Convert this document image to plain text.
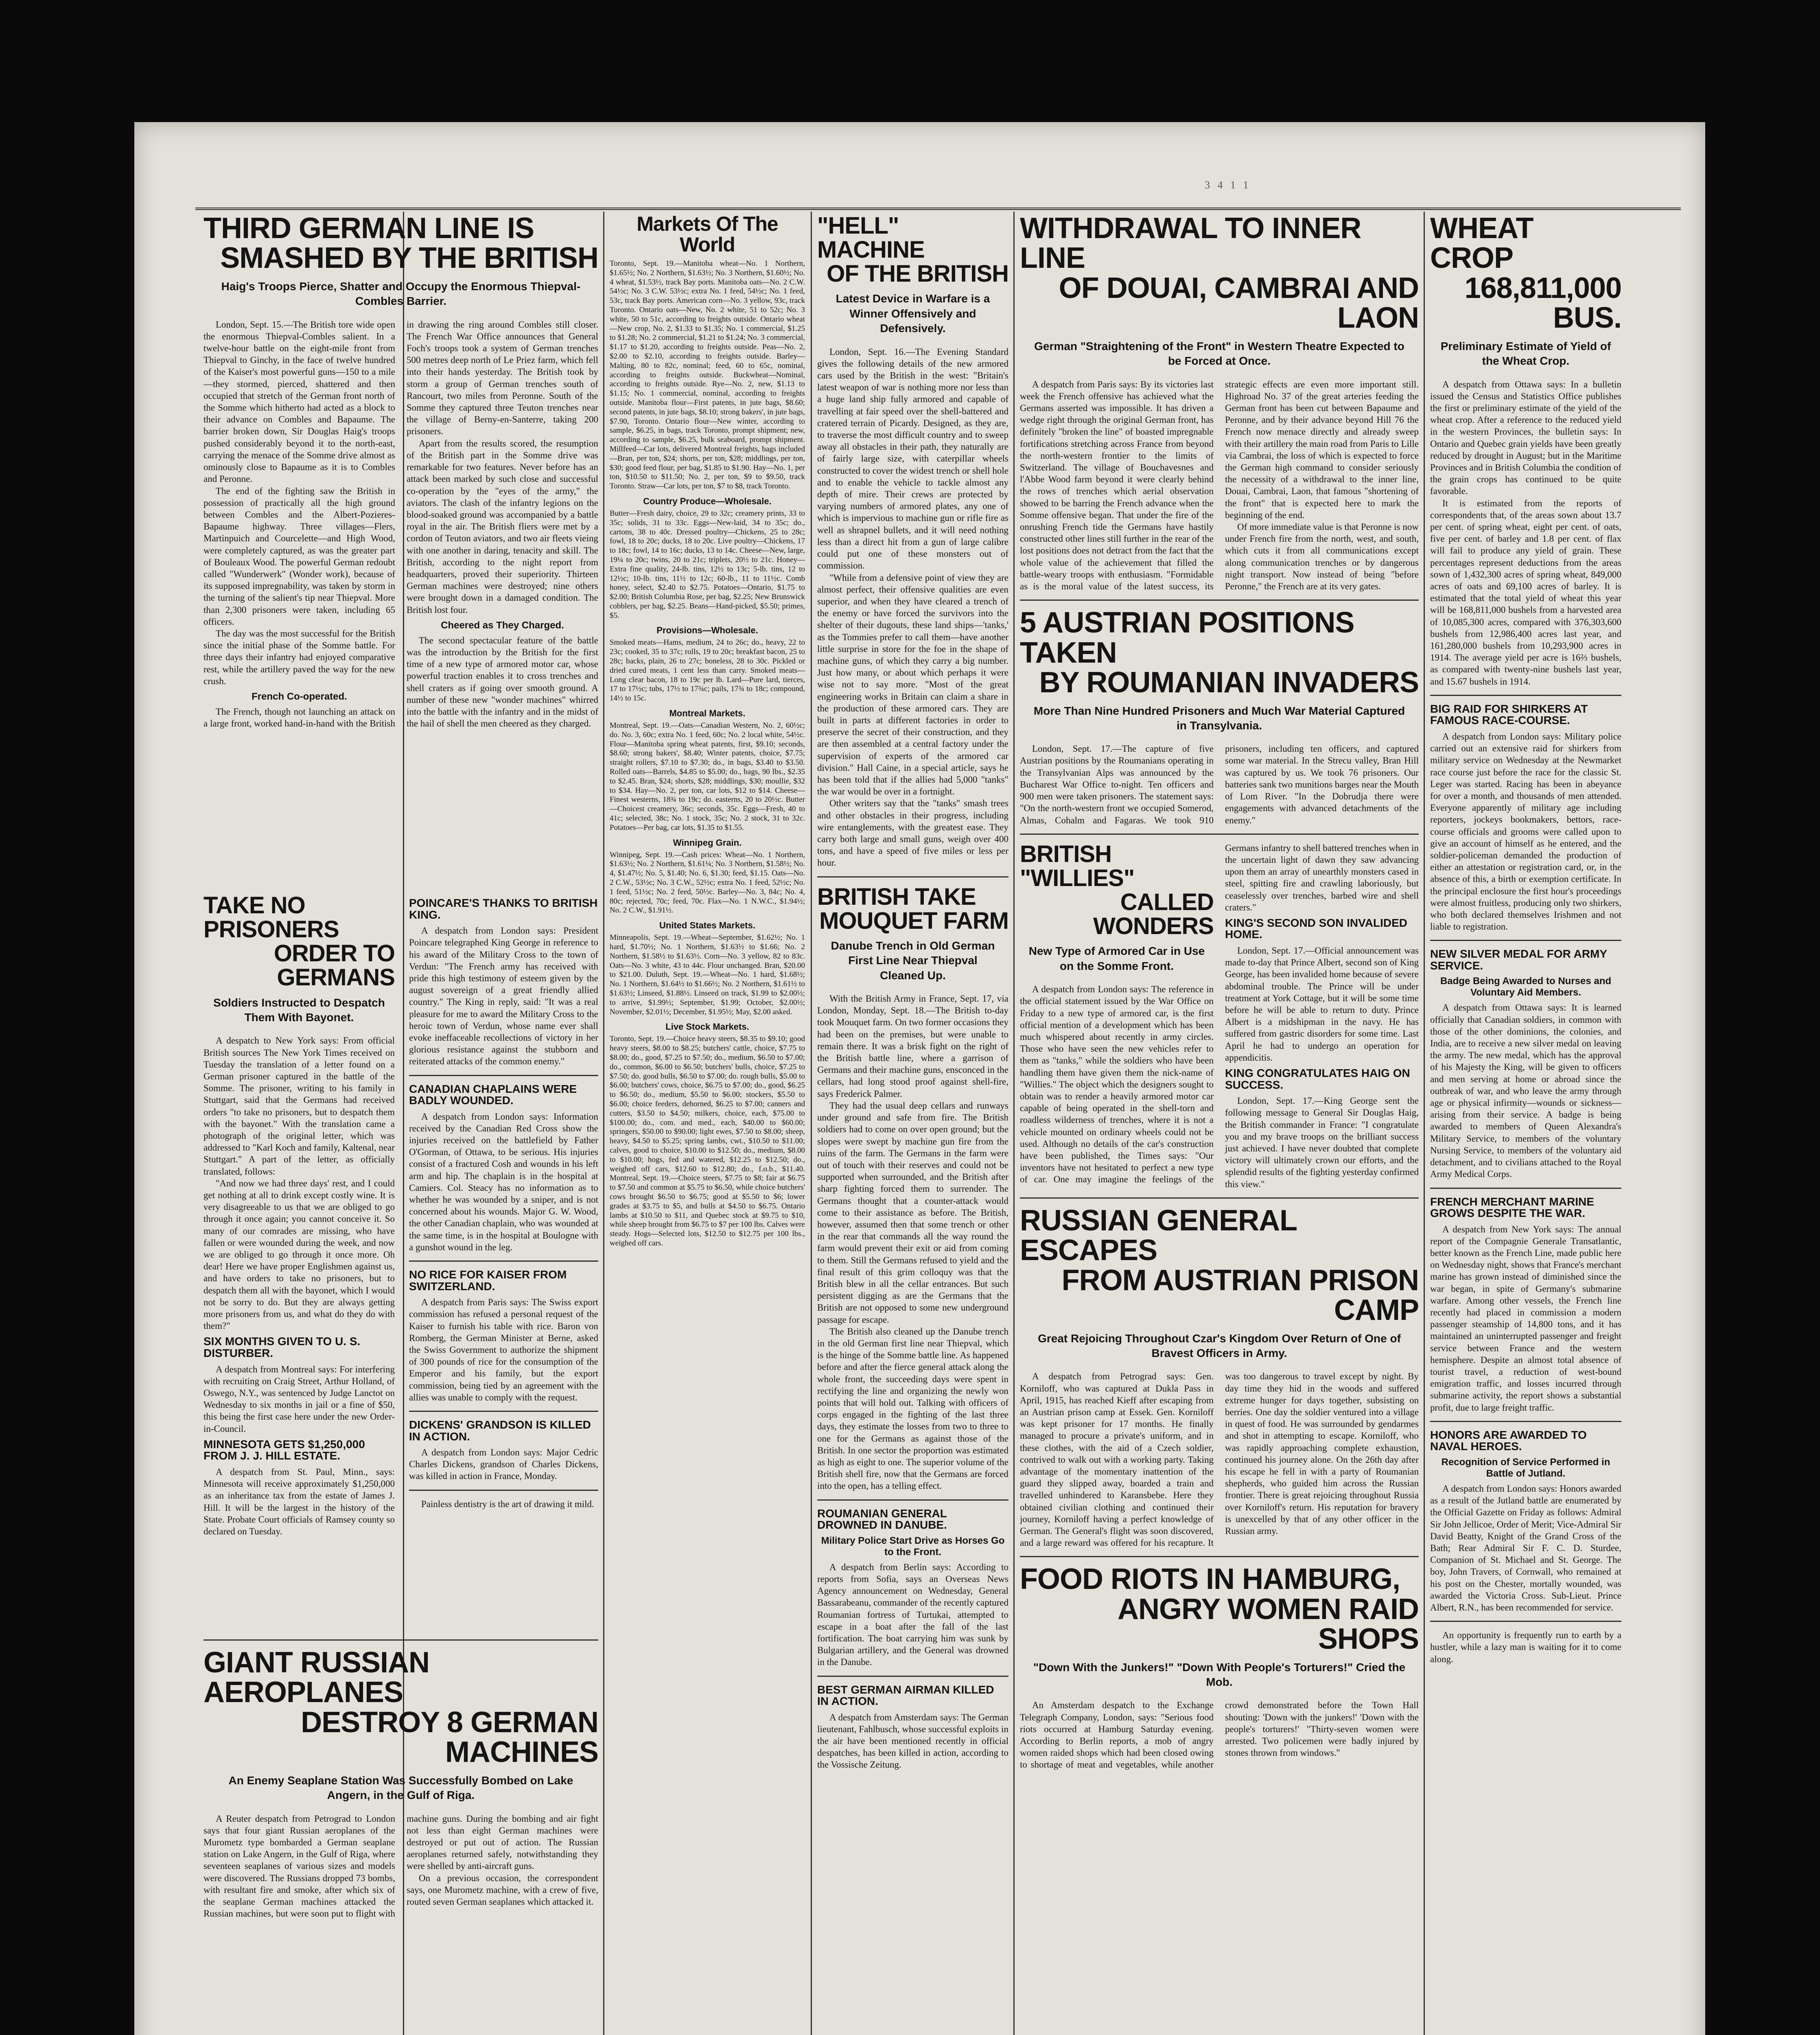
3 4 1 1
THIRD GERMAN LINE IS
SMASHED BY THE BRITISH
Haig's Troops Pierce, Shatter and Occupy the Enormous Thiepval-Combles Barrier.

London, Sept. 15.—The British tore wide open the enormous Thiepval-Combles salient. In a twelve-hour battle on the eight-mile front from Thiepval to Ginchy, in the face of twelve hundred of the Kaiser's most powerful guns—150 to a mile—they stormed, pierced, shattered and then occupied that stretch of the German front north of the Somme which hitherto had acted as a block to their advance on Combles and Bapaume. The barrier broken down, Sir Douglas Haig's troops pushed considerably beyond it to the north-east, carrying the menace of the Somme drive almost as ominously close to Bapaume as it is to Combles and Peronne.

The end of the fighting saw the British in possession of practically all the high ground between Combles and the Albert-Pozieres-Bapaume highway. Three villages—Flers, Martinpuich and Courcelette—and High Wood, were completely captured, as was the greater part of Bouleaux Wood. The powerful German redoubt called "Wunderwerk" (Wonder work), because of its supposed impregnability, was taken by storm in the turning of the salient's tip near Thiepval. More than 2,300 prisoners were taken, including 65 officers.

The day was the most successful for the British since the initial phase of the Somme battle. For three days their infantry had enjoyed comparative rest, while the artillery paved the way for the new crush.

French Co-operated.

The French, though not launching an attack on a large front, worked hand-in-hand with the British in drawing the ring around Combles still closer. The French War Office announces that General Foch's troops took a system of German trenches 500 metres deep north of Le Priez farm, which fell into their hands yesterday. The British took by storm a group of German trenches south of Rancourt, two miles from Peronne. South of the Somme they captured three Teuton trenches near the village of Berny-en-Santerre, taking 200 prisoners.

Apart from the results scored, the resumption of the British part in the Somme drive was remarkable for two features. Never before has an attack been marked by such close and successful co-operation by the "eyes of the army," the aviators. The clash of the infantry legions on the blood-soaked ground was accompanied by a battle royal in the air. The British fliers were met by a cordon of Teuton aviators, and two air fleets vieing with one another in daring, tenacity and skill. The British, according to the night report from headquarters, proved their superiority. Thirteen German machines were destroyed; nine others were brought down in a damaged condition. The British lost four.

Cheered as They Charged.

The second spectacular feature of the battle was the introduction by the British for the first time of a new type of armored motor car, whose powerful traction enables it to cross trenches and shell craters as if going over smooth ground. A number of these new "wonder machines" whirred into the battle with the infantry and in the midst of the hail of shell the men cheered as they charged.

TAKE NO PRISONERS
ORDER TO GERMANS
Soldiers Instructed to Despatch Them With Bayonet.

A despatch to New York says: From official British sources The New York Times received on Tuesday the translation of a letter found on a German prisoner captured in the battle of the Somme. The prisoner, writing to his family in Stuttgart, said that the Germans had received orders "to take no prisoners, but to despatch them with the bayonet." With the translation came a photograph of the original letter, which was addressed to "Karl Koch and family, Kaltenal, near Stuttgart." A part of the letter, as officially translated, follows:

"And now we had three days' rest, and I could get nothing at all to drink except costly wine. It is very disagreeable to us that we are obliged to go through it once again; you cannot conceive it. So many of our comrades are missing, who have fallen or were wounded during the week, and now we are obliged to go through it once more. Oh dear! Here we have proper Englishmen against us, and have orders to take no prisoners, but to despatch them all with the bayonet, which I would not be sorry to do. But they are always getting more prisoners from us, and what do they do with them?"

SIX MONTHS GIVEN TO U. S. DISTURBER.

A despatch from Montreal says: For interfering with recruiting on Craig Street, Arthur Holland, of Oswego, N.Y., was sentenced by Judge Lanctot on Wednesday to six months in jail or a fine of $50, this being the first case here under the new Order-in-Council.

MINNESOTA GETS $1,250,000 FROM J. J. HILL ESTATE.

A despatch from St. Paul, Minn., says: Minnesota will receive approximately $1,250,000 as an inheritance tax from the estate of James J. Hill. It will be the largest in the history of the State. Probate Court officials of Ramsey county so declared on Tuesday.

GIANT RUSSIAN AEROPLANES
DESTROY 8 GERMAN MACHINES
An Enemy Seaplane Station Was Successfully Bombed on Lake Angern, in the Gulf of Riga.

A Reuter despatch from Petrograd to London says that four giant Russian aeroplanes of the Murometz type bombarded a German seaplane station on Lake Angern, in the Gulf of Riga, where seventeen seaplanes of various sizes and models were discovered. The Russians dropped 73 bombs, with resultant fire and smoke, after which six of the seaplane German machines attacked the Russian machines, but were soon put to flight with machine guns. During the bombing and air fight not less than eight German machines were destroyed or put out of action. The Russian aeroplanes returned safely, notwithstanding they were shelled by anti-aircraft guns.

On a previous occasion, the correspondent says, one Murometz machine, with a crew of five, routed seven German seaplanes which attacked it.

POINCARE'S THANKS TO BRITISH KING.

A despatch from London says: President Poincare telegraphed King George in reference to his award of the Military Cross to the town of Verdun: "The French army has received with pride this high testimony of esteem given by the august sovereign of a great friendly allied country." The King in reply, said: "It was a real pleasure for me to award the Military Cross to the heroic town of Verdun, whose name ever shall evoke ineffaceable recollections of victory in her glorious resistance against the stubborn and reiterated attacks of the common enemy."

CANADIAN CHAPLAINS WERE BADLY WOUNDED.

A despatch from London says: Information received by the Canadian Red Cross show the injuries received on the battlefield by Father O'Gorman, of Ottawa, to be serious. His injuries consist of a fractured Cosh and wounds in his left arm and hip. The chaplain is in the hospital at Camiers. Col. Steacy has no information as to whether he was wounded by a sniper, and is not concerned about his wounds. Major G. W. Wood, the other Canadian chaplain, who was wounded at the same time, is in the hospital at Boulogne with a gunshot wound in the leg.

NO RICE FOR KAISER FROM SWITZERLAND.

A despatch from Paris says: The Swiss export commission has refused a personal request of the Kaiser to furnish his table with rice. Baron von Romberg, the German Minister at Berne, asked the Swiss Government to authorize the shipment of 300 pounds of rice for the consumption of the Emperor and his family, but the export commission, being tied by an agreement with the allies was unable to comply with the request.

DICKENS' GRANDSON IS KILLED IN ACTION.

A despatch from London says: Major Cedric Charles Dickens, grandson of Charles Dickens, was killed in action in France, Monday.

Painless dentistry is the art of drawing it mild.

Markets Of The World

Toronto, Sept. 19.—Manitoba wheat—No. 1 Northern, $1.65½; No. 2 Northern, $1.63½; No. 3 Northern, $1.60½; No. 4 wheat, $1.53½, track Bay ports. Manitoba oats—No. 2 C.W. 54½c; No. 3 C.W. 53½c; extra No. 1 feed, 54½c; No. 1 feed, 53c, track Bay ports. American corn—No. 3 yellow, 93c, track Toronto. Ontario oats—New, No. 2 white, 51 to 52c; No. 3 white, 50 to 51c, according to freights outside. Ontario wheat—New crop, No. 2, $1.33 to $1.35; No. 1 commercial, $1.25 to $1.28; No. 2 commercial, $1.21 to $1.24; No. 3 commercial, $1.17 to $1.20, according to freights outside. Peas—No. 2, $2.00 to $2.10, according to freights outside. Barley—Malting, 80 to 82c, nominal; feed, 60 to 65c, nominal, according to freights outside. Buckwheat—Nominal, according to freights outside. Rye—No. 2, new, $1.13 to $1.15; No. 1 commercial, nominal, according to freights outside. Manitoba flour—First patents, in jute bags, $8.60; second patents, in jute bags, $8.10; strong bakers', in jute bags, $7.90, Toronto. Ontario flour—New winter, according to sample, $6.25, in bags, track Toronto, prompt shipment; new, according to sample, $6.25, bulk seaboard, prompt shipment. Millfeed—Car lots, delivered Montreal freights, bags included—Bran, per ton, $24; shorts, per ton, $28; middlings, per ton, $30; good feed flour, per bag, $1.85 to $1.90. Hay—No. 1, per ton, $10.50 to $11.50; No. 2, per ton, $9 to $9.50, track Toronto. Straw—Car lots, per ton, $7 to $8, track Toronto.

Country Produce—Wholesale.

Butter—Fresh dairy, choice, 29 to 32c; creamery prints, 33 to 35c; solids, 31 to 33c. Eggs—New-laid, 34 to 35c; do., cartons, 38 to 40c. Dressed poultry—Chickens, 25 to 28c; fowl, 18 to 20c; ducks, 18 to 20c. Live poultry—Chickens, 17 to 18c; fowl, 14 to 16c; ducks, 13 to 14c. Cheese—New, large, 19¼ to 20c; twins, 20 to 21c; triplets, 20½ to 21c. Honey—Extra fine quality, 24-lb. tins, 12½ to 13c; 5-lb. tins, 12 to 12½c; 10-lb. tins, 11½ to 12c; 60-lb., 11 to 11½c. Comb honey, select, $2.40 to $2.75. Potatoes—Ontario, $1.75 to $2.00; British Columbia Rose, per bag, $2.25; New Brunswick cobblers, per bag, $2.25. Beans—Hand-picked, $5.50; primes, $5.

Provisions—Wholesale.

Smoked meats—Hams, medium, 24 to 26c; do., heavy, 22 to 23c; cooked, 35 to 37c; rolls, 19 to 20c; breakfast bacon, 25 to 28c; backs, plain, 26 to 27c; boneless, 28 to 30c. Pickled or dried cured meats, 1 cent less than carry. Smoked meats—Long clear bacon, 18 to 19c per lb. Lard—Pure lard, tierces, 17 to 17½c; tubs, 17½ to 17¾c; pails, 17¾ to 18c; compound, 14½ to 15c.

Montreal Markets.

Montreal, Sept. 19.—Oats—Canadian Western, No. 2, 60½c; do. No. 3, 60c; extra No. 1 feed, 60c; No. 2 local white, 54½c. Flour—Manitoba spring wheat patents, first, $9.10; seconds, $8.60; strong bakers', $8.40; Winter patents, choice, $7.75; straight rollers, $7.10 to $7.30; do., in bags, $3.40 to $3.50. Rolled oats—Barrels, $4.85 to $5.00; do., bags, 90 lbs., $2.35 to $2.45. Bran, $24; shorts, $28; middlings, $30; moullie, $32 to $34. Hay—No. 2, per ton, car lots, $12 to $14. Cheese—Finest westerns, 18¾ to 19c; do. easterns, 20 to 20½c. Butter—Choicest creamery, 36c; seconds, 35c. Eggs—Fresh, 40 to 41c; selected, 38c; No. 1 stock, 35c; No. 2 stock, 31 to 32c. Potatoes—Per bag, car lots, $1.35 to $1.55.

Winnipeg Grain.

Winnipeg, Sept. 19.—Cash prices: Wheat—No. 1 Northern, $1.63½; No. 2 Northern, $1.61¼; No. 3 Northern, $1.58½; No. 4, $1.47½; No. 5, $1.40; No. 6, $1.30; feed, $1.15. Oats—No. 2 C.W., 53½c; No. 3 C.W., 52½c; extra No. 1 feed, 52½c; No. 1 feed, 51½c; No. 2 feed, 50½c. Barley—No. 3, 84c; No. 4, 80c; rejected, 70c; feed, 70c. Flax—No. 1 N.W.C., $1.94½; No. 2 C.W., $1.91½.

United States Markets.

Minneapolis, Sept. 19.—Wheat—September, $1.62½; No. 1 hard, $1.70½; No. 1 Northern, $1.63½ to $1.66; No. 2 Northern, $1.58½ to $1.63½. Corn—No. 3 yellow, 82 to 83c. Oats—No. 3 white, 43 to 44c. Flour unchanged. Bran, $20.00 to $21.00. Duluth, Sept. 19.—Wheat—No. 1 hard, $1.68½; No. 1 Northern, $1.64½ to $1.66½; No. 2 Northern, $1.61½ to $1.63½; Linseed, $1.88½. Linseed on track, $1.99 to $2.00½; to arrive, $1.99½; September, $1.99; October, $2.00½; November, $2.01½; December, $1.95½; May, $2.00 asked.

Live Stock Markets.

Toronto, Sept. 19.—Choice heavy steers, $8.35 to $9.10; good heavy steers, $8.00 to $8.25; butchers' cattle, choice, $7.75 to $8.00; do., good, $7.25 to $7.50; do., medium, $6.50 to $7.00; do., common, $6.00 to $6.50; butchers' bulls, choice, $7.25 to $7.50; do. good bulls, $6.50 to $7.00; do. rough bulls, $5.00 to $6.00; butchers' cows, choice, $6.75 to $7.00; do., good, $6.25 to $6.50; do., medium, $5.50 to $6.00; stockers, $5.50 to $6.00; choice feeders, dehorned, $6.25 to $7.00; canners and cutters, $3.50 to $4.50; milkers, choice, each, $75.00 to $100.00; do., com. and med., each, $40.00 to $60.00; springers, $50.00 to $90.00; light ewes, $7.50 to $8.00; sheep, heavy, $4.50 to $5.25; spring lambs, cwt., $10.50 to $11.00; calves, good to choice, $10.00 to $12.50; do., medium, $8.00 to $10.00; hogs, fed and watered, $12.25 to $12.50; do., weighed off cars, $12.60 to $12.80; do., f.o.b., $11.40. Montreal, Sept. 19.—Choice steers, $7.75 to $8; fair at $6.75 to $7.50 and common at $5.75 to $6.50, while choice butchers' cows brought $6.50 to $6.75; good at $5.50 to $6; lower grades at $3.75 to $5, and bulls at $4.50 to $6.75. Ontario lambs at $10.50 to $11, and Quebec stock at $9.75 to $10, while sheep brought from $6.75 to $7 per 100 lbs. Calves were steady. Hogs—Selected lots, $12.50 to $12.75 per 100 lbs., weighed off cars.

"HELL" MACHINE
OF THE BRITISH
Latest Device in Warfare is a Winner Offensively and Defensively.

London, Sept. 16.—The Evening Standard gives the following details of the new armored cars used by the British in the west: "Britain's latest weapon of war is nothing more nor less than a huge land ship fully armored and capable of travelling at fair speed over the shell-battered and cratered terrain of Picardy. Designed, as they are, to traverse the most difficult country and to sweep away all obstacles in their path, they naturally are of fairly large size, with caterpillar wheels constructed to cover the widest trench or shell hole and to enable the vehicle to tackle almost any depth of mire. Their crews are protected by varying numbers of armored plates, any one of which is impervious to machine gun or rifle fire as well as shrapnel bullets, and it will need nothing less than a direct hit from a gun of large calibre could put one of these monsters out of commission.

"While from a defensive point of view they are almost perfect, their offensive qualities are even superior, and when they have cleared a trench of the enemy or have forced the survivors into the shelter of their dugouts, these land ships—'tanks,' as the Tommies prefer to call them—have another little surprise in store for the foe in the shape of machine guns, of which they carry a big number. Just how many, or about which perhaps it were wise not to say more. "Most of the great engineering works in Britain can claim a share in the production of these armored cars. They are built in parts at different factories in order to preserve the secret of their construction, and they are then assembled at a central factory under the supervision of experts of the armored car division." Hall Caine, in a special article, says he has been told that if the allies had 5,000 "tanks" the war would be over in a fortnight.

Other writers say that the "tanks" smash trees and other obstacles in their progress, including wire entanglements, with the greatest ease. They carry both large and small guns, weigh over 400 tons, and have a speed of five miles or less per hour.

BRITISH TAKE
MOUQUET FARM
Danube Trench in Old German First Line Near Thiepval Cleaned Up.

With the British Army in France, Sept. 17, via London, Monday, Sept. 18.—The British to-day took Mouquet farm. On two former occasions they had been on the premises, but were unable to remain there. It was a brisk fight on the right of the British battle line, where a garrison of Germans and their machine guns, ensconced in the cellars, had long stood proof against shell-fire, says Frederick Palmer.

They had the usual deep cellars and runways under ground and safe from fire. The British soldiers had to come on over open ground; but the slopes were swept by machine gun fire from the ruins of the farm. The Germans in the farm were out of touch with their reserves and could not be supported when surrounded, and the British after sharp fighting forced them to surrender. The Germans thought that a counter-attack would come to their assistance as before. The British, however, assumed then that some trench or other in the rear that commands all the way round the farm would prevent their exit or aid from coming to them. Still the Germans refused to yield and the final result of this grim colloquy was that the British blew in all the cellar entrances. But such persistent digging as are the Germans that the British are not opposed to some new underground passage for escape.

The British also cleaned up the Danube trench in the old German first line near Thiepval, which is the hinge of the Somme battle line. As happened before and after the fierce general attack along the whole front, the succeeding days were spent in rectifying the line and organizing the newly won points that will hold out. Talking with officers of corps engaged in the fighting of the last three days, they estimate the losses from two to three to one for the Germans as against those of the British. In one sector the proportion was estimated as high as eight to one. The superior volume of the British shell fire, now that the Germans are forced into the open, has a telling effect.

ROUMANIAN GENERAL DROWNED IN DANUBE.
Military Police Start Drive as Horses Go to the Front.

A despatch from Berlin says: According to reports from Sofia, says an Overseas News Agency announcement on Wednesday, General Bassarabeanu, commander of the recently captured Roumanian fortress of Turtukai, attempted to escape in a boat after the fall of the last fortification. The boat carrying him was sunk by Bulgarian artillery, and the General was drowned in the Danube.

BEST GERMAN AIRMAN KILLED IN ACTION.

A despatch from Amsterdam says: The German lieutenant, Fahlbusch, whose successful exploits in the air have been mentioned recently in official despatches, has been killed in action, according to the Vossische Zeitung.

WITHDRAWAL TO INNER LINE
OF DOUAI, CAMBRAI AND LAON
German "Straightening of the Front" in Western Theatre Expected to be Forced at Once.

A despatch from Paris says: By its victories last week the French offensive has achieved what the Germans asserted was impossible. It has driven a wedge right through the original German front, has definitely "broken the line" of boasted impregnable fortifications stretching across France from beyond the north-western frontier to the limits of Switzerland. The village of Bouchavesnes and l'Abbe Wood farm beyond it were clearly behind the rows of trenches which aerial observation showed to be barring the French advance when the Somme offensive began. That under the fire of the onrushing French tide the Germans have hastily constructed other lines still further in the rear of the lost positions does not detract from the fact that the whole value of the achievement that filled the battle-weary troops with enthusiasm. "Formidable as is the moral value of the latest success, its strategic effects are even more important still. Highroad No. 37 of the great arteries feeding the German front has been cut between Bapaume and Peronne, and by their advance beyond Hill 76 the French now menace directly and already sweep with their artillery the main road from Paris to Lille via Cambrai, the loss of which is expected to force the German high command to consider seriously the necessity of a withdrawal to the inner line, Douai, Cambrai, Laon, that famous "shortening of the front" that is expected here to mark the beginning of the end.

Of more immediate value is that Peronne is now under French fire from the north, west, and south, which cuts it from all communications except along communication trenches or by dangerous night transport. Now instead of being "before Peronne," the French are at its very gates.

5 AUSTRIAN POSITIONS TAKEN
BY ROUMANIAN INVADERS
More Than Nine Hundred Prisoners and Much War Material Captured in Transylvania.

London, Sept. 17.—The capture of five Austrian positions by the Roumanians operating in the Transylvanian Alps was announced by the Bucharest War Office to-night. Ten officers and 900 men were taken prisoners. The statement says: "On the north-western front we occupied Somerod, Almas, Cohalm and Fagaras. We took 910 prisoners, including ten officers, and captured some war material. In the Strecu valley, Bran Hill was captured by us. We took 76 prisoners. Our batteries sank two munitions barges near the Mouth of Lom River. "In the Dobrudja there were engagements with advanced detachments of the enemy."

BRITISH "WILLIES"
CALLED WONDERS
New Type of Armored Car in Use on the Somme Front.

A despatch from London says: The reference in the official statement issued by the War Office on Friday to a new type of armored car, is the first official mention of a development which has been much whispered about recently in army circles. Those who have seen the new vehicles refer to them as "tanks," while the soldiers who have been handling them have given them the nick-name of "Willies." The object which the designers sought to obtain was to render a heavily armored motor car capable of being operated in the shell-torn and roadless wilderness of trenches, where it is not a vehicle mounted on ordinary wheels could not be used. Although no details of the car's construction have been published, the Times says: "Our inventors have not hesitated to perfect a new type of car. One may imagine the feelings of the Germans infantry to shell battered trenches when in the uncertain light of dawn they saw advancing upon them an array of unearthly monsters cased in steel, spitting fire and crawling laboriously, but ceaselessly over trenches, barbed wire and shell craters."

KING'S SECOND SON INVALIDED HOME.

London, Sept. 17.—Official announcement was made to-day that Prince Albert, second son of King George, has been invalided home because of severe abdominal trouble. The Prince will be under treatment at York Cottage, but it will be some time before he will be able to return to duty. Prince Albert is a midshipman in the navy. He has suffered from gastric disorders for some time. Last April he had to undergo an operation for appendicitis.

KING CONGRATULATES HAIG ON SUCCESS.

London, Sept. 17.—King George sent the following message to General Sir Douglas Haig, the British commander in France: "I congratulate you and my brave troops on the brilliant success just achieved. I have never doubted that complete victory will ultimately crown our efforts, and the splendid results of the fighting yesterday confirmed this view."

RUSSIAN GENERAL ESCAPES
FROM AUSTRIAN PRISON CAMP
Great Rejoicing Throughout Czar's Kingdom Over Return of One of Bravest Officers in Army.

A despatch from Petrograd says: Gen. Korniloff, who was captured at Dukla Pass in April, 1915, has reached Kieff after escaping from an Austrian prison camp at Essek. Gen. Korniloff was kept prisoner for 17 months. He finally managed to procure a private's uniform, and in these clothes, with the aid of a Czech soldier, contrived to walk out with a working party. Taking advantage of the momentary inattention of the guard they slipped away, boarded a train and travelled unhindered to Karansbebe. Here they obtained civilian clothing and continued their journey, Korniloff having a perfect knowledge of German. The General's flight was soon discovered, and a large reward was offered for his recapture. It was too dangerous to travel except by night. By day time they hid in the woods and suffered extreme hunger for days together, subsisting on berries. One day the soldier ventured into a village in quest of food. He was surrounded by gendarmes and shot in attempting to escape. Korniloff, who was rapidly approaching complete exhaustion, continued his journey alone. On the 26th day after his escape he fell in with a party of Roumanian shepherds, who guided him across the Russian frontier. There is great rejoicing throughout Russia over Korniloff's return. His reputation for bravery is unexcelled by that of any other officer in the Russian army.

FOOD RIOTS IN HAMBURG,
ANGRY WOMEN RAID SHOPS
"Down With the Junkers!" "Down With People's Torturers!" Cried the Mob.

An Amsterdam despatch to the Exchange Telegraph Company, London, says: "Serious food riots occurred at Hamburg Saturday evening. According to Berlin reports, a mob of angry women raided shops which had been closed owing to shortage of meat and vegetables, while another crowd demonstrated before the Town Hall shouting: 'Down with the junkers!' 'Down with the people's torturers!' "Thirty-seven women were arrested. Two policemen were badly injured by stones thrown from windows."

WHEAT CROP
168,811,000 BUS.
Preliminary Estimate of Yield of the Wheat Crop.

A despatch from Ottawa says: In a bulletin issued the Census and Statistics Office publishes the first or preliminary estimate of the yield of the wheat crop. After a reference to the reduced yield in the western Provinces, the bulletin says: In Ontario and Quebec grain yields have been greatly reduced by drought in August; but in the Maritime Provinces and in British Columbia the condition of the grain crops has continued to be quite favorable.

It is estimated from the reports of correspondents that, of the areas sown about 13.7 per cent. of spring wheat, eight per cent. of oats, five per cent. of barley and 1.8 per cent. of flax will fail to produce any yield of grain. These percentages represent deductions from the areas sown of 1,432,300 acres of spring wheat, 849,000 acres of oats and 69,100 acres of barley. It is estimated that the total yield of wheat this year will be 168,811,000 bushels from a harvested area of 10,085,300 acres, compared with 376,303,600 bushels from 12,986,400 acres last year, and 161,280,000 bushels from 10,293,900 acres in 1914. The average yield per acre is 16⅔ bushels, as compared with twenty-nine bushels last year, and 15.67 bushels in 1914.

BIG RAID FOR SHIRKERS AT FAMOUS RACE-COURSE.

A despatch from London says: Military police carried out an extensive raid for shirkers from military service on Wednesday at the Newmarket race course just before the race for the classic St. Leger was started. Racing has been in abeyance for over a month, and thousands of men attended. Everyone apparently of military age including reporters, jockeys bookmakers, bettors, race-course officials and grooms were called upon to give an account of himself as he entered, and the soldier-policeman demanded the production of either an attestation or registration card, or, in the absence of this, a birth or exemption certificate. In the principal enclosure the first hour's proceedings were almost fruitless, producing only two shirkers, who both declared themselves Irishmen and not liable to registration.

NEW SILVER MEDAL FOR ARMY SERVICE.
Badge Being Awarded to Nurses and Voluntary Aid Members.

A despatch from Ottawa says: It is learned officially that Canadian soldiers, in common with those of the other dominions, the colonies, and India, are to receive a new silver medal on leaving the army. The new medal, which has the approval of his Majesty the King, will be given to officers and men serving at home or abroad since the outbreak of war, and who leave the army through age or physical infirmity—wounds or sickness—arising from their service. A badge is being awarded to members of Queen Alexandra's Military Service, to members of the voluntary Nursing Service, to members of the voluntary aid detachment, and to civilians attached to the Royal Army Medical Corps.

FRENCH MERCHANT MARINE GROWS DESPITE THE WAR.

A despatch from New York says: The annual report of the Compagnie Generale Transatlantic, better known as the French Line, made public here on Wednesday night, shows that France's merchant marine has grown instead of diminished since the war began, in spite of Germany's submarine warfare. Among other vessels, the French line recently had placed in commission a modern passenger steamship of 14,800 tons, and it has maintained an uninterrupted passenger and freight service between France and the western hemisphere. Despite an almost total absence of tourist travel, a reduction of west-bound emigration traffic, and losses incurred through submarine activity, the report shows a substantial profit, due to large freight traffic.

HONORS ARE AWARDED TO NAVAL HEROES.
Recognition of Service Performed in Battle of Jutland.

A despatch from London says: Honors awarded as a result of the Jutland battle are enumerated by the Official Gazette on Friday as follows: Admiral Sir John Jellicoe, Order of Merit; Vice-Admiral Sir David Beatty, Knight of the Grand Cross of the Bath; Rear Admiral Sir F. C. D. Sturdee, Companion of St. Michael and St. George. The boy, John Travers, of Cornwall, who remained at his post on the Chester, mortally wounded, was awarded the Victoria Cross. Sub-Lieut. Prince Albert, R.N., has been recommended for service.

An opportunity is frequently run to earth by a hustler, while a lazy man is waiting for it to come along.
